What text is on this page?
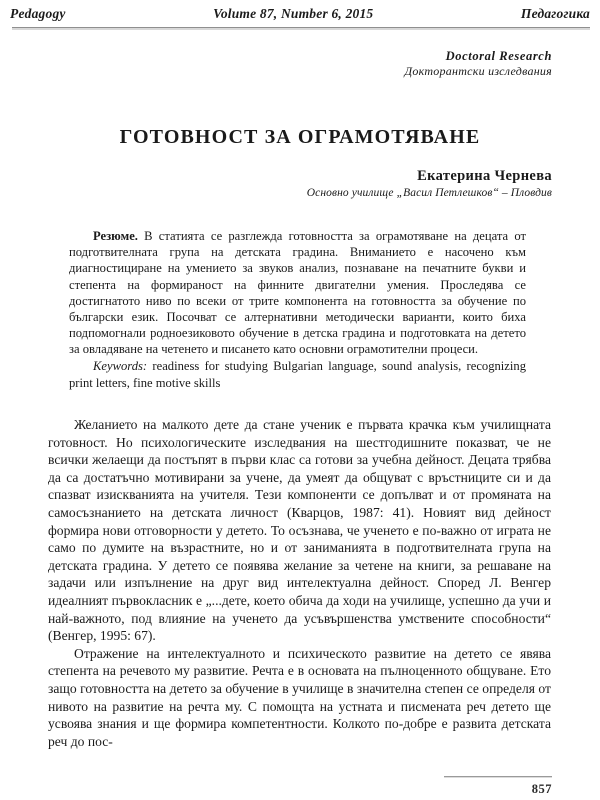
Pedagogy	Volume 87, Number 6, 2015	Педагогика
Doctoral Research
Докторантски изследвания
ГОТОВНОСТ ЗА ОГРАМОТЯВАНЕ
Екатерина Чернева
Основно училище „Васил Петлешков“ – Пловдив

Резюме. В статията се разглежда готовността за ограмотяване на децата от подготвителната група на детската градина. Вниманието е насочено към диагностициране на умението за звуков анализ, познаване на печатните букви и степента на формираност на финните двигателни умения. Проследява се достигнатото ниво по всеки от трите компонента на готовността за обучение по български език. Посочват се алтернативни методически варианти, които биха подпомогнали родноезиковото обучение в детска градина и подготовката на детето за овладяване на четенето и писането като основни ограмотителни процеси.

Keywords: readiness for studying Bulgarian language, sound analysis, recognizing print letters, fine motive skills

Желанието на малкото дете да стане ученик е първата крачка към училищната готовност. Но психологическите изследвания на шестгодишните показват, че не всички желаещи да постъпят в първи клас са готови за учебна дейност. Децата трябва да са достатъчно мотивирани за учене, да умеят да общуват с връстниците си и да спазват изискванията на учителя. Тези компоненти се допълват и от промяната на самосъзнанието на детската личност (Кварцов, 1987: 41). Новият вид дейност формира нови отговорности у детето. То осъзнава, че ученето е по-важно от играта не само по думите на възрастните, но и от заниманията в подготвителната група на детската градина. У детето се появява желание за четене на книги, за решаване на задачи или изпълнение на друг вид интелектуална дейност. Според Л. Венгер идеалният първокласник е „...дете, което обича да ходи на училище, успешно да учи и най-важното, под влияние на ученето да усъвършенства умствените способности“ (Венгер, 1995: 67).

Отражение на интелектуалното и психическото развитие на детето се явява степента на речевото му развитие. Речта е в основата на пълноценното общуване. Ето защо готовността на детето за обучение в училище в значителна степен се определя от нивото на развитие на речта му. С помощта на устната и писмената реч детето ще усвоява знания и ще формира компетентности. Колкото по-добре е развита детската реч до пос-

857
